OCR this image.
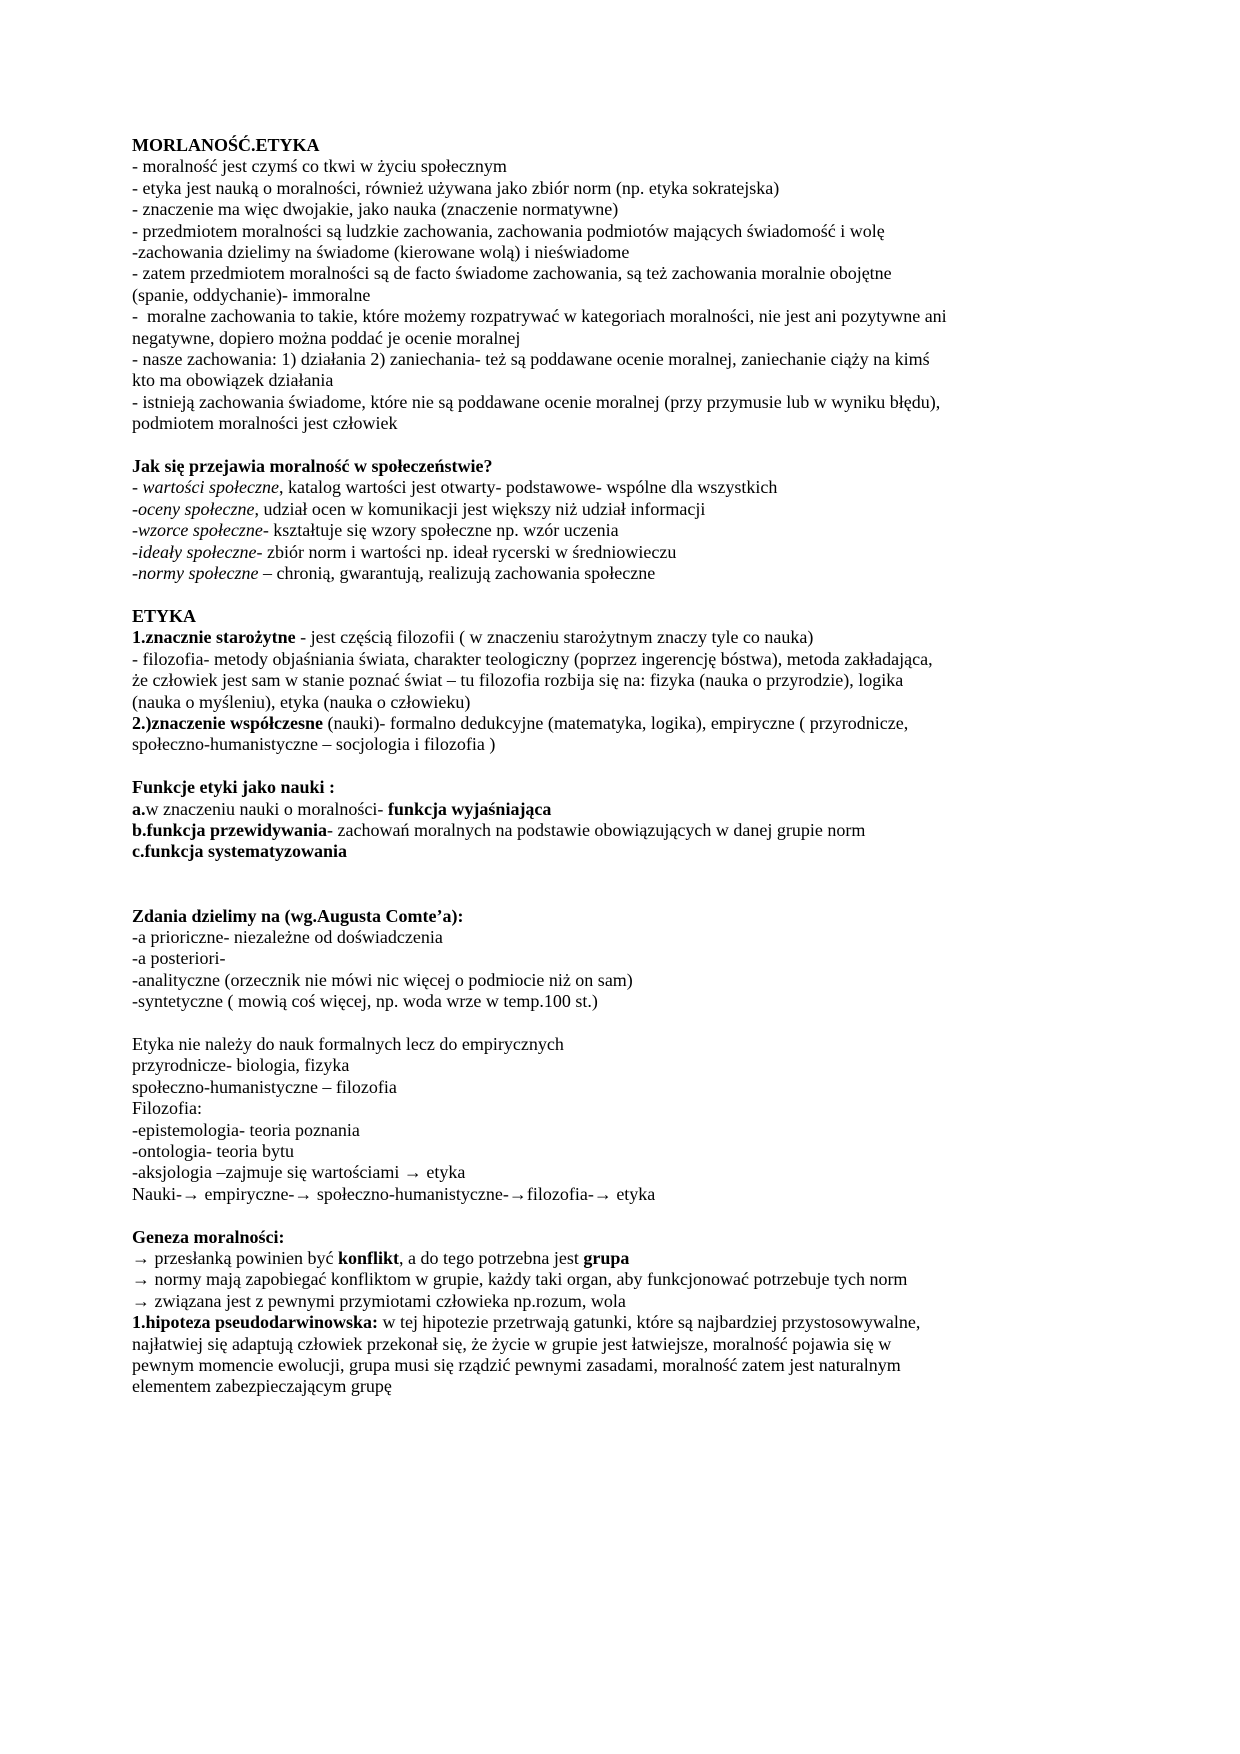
MORLANOŚĆ.ETYKA
- moralność jest czymś co tkwi w życiu społecznym
- etyka jest nauką o moralności, również używana jako zbiór norm (np. etyka sokratejska)
- znaczenie ma więc dwojakie, jako nauka (znaczenie normatywne)
- przedmiotem moralności są ludzkie zachowania, zachowania podmiotów mających świadomość i wolę
-zachowania dzielimy na świadome (kierowane wolą) i nieświadome
- zatem przedmiotem moralności są de facto świadome zachowania, są też zachowania moralnie obojętne
(spanie, oddychanie)- immoralne
-  moralne zachowania to takie, które możemy rozpatrywać w kategoriach moralności, nie jest ani pozytywne ani
negatywne, dopiero można poddać je ocenie moralnej
- nasze zachowania: 1) działania 2) zaniechania- też są poddawane ocenie moralnej, zaniechanie ciąży na kimś
kto ma obowiązek działania
- istnieją zachowania świadome, które nie są poddawane ocenie moralnej (przy przymusie lub w wyniku błędu),
podmiotem moralności jest człowiek
Jak się przejawia moralność w społeczeństwie?
- wartości społeczne, katalog wartości jest otwarty- podstawowe- wspólne dla wszystkich
-oceny społeczne, udział ocen w komunikacji jest większy niż udział informacji
-wzorce społeczne- kształtuje się wzory społeczne np. wzór uczenia
-ideały społeczne- zbiór norm i wartości np. ideał rycerski w średniowieczu
-normy społeczne – chronią, gwarantują, realizują zachowania społeczne
ETYKA
1.znacznie starożytne - jest częścią filozofii ( w znaczeniu starożytnym znaczy tyle co nauka)
- filozofia- metody objaśniania świata, charakter teologiczny (poprzez ingerencję bóstwa), metoda zakładająca,
że człowiek jest sam w stanie poznać świat – tu filozofia rozbija się na: fizyka (nauka o przyrodzie), logika
(nauka o myśleniu), etyka (nauka o człowieku)
2.)znaczenie współczesne (nauki)- formalno dedukcyjne (matematyka, logika), empiryczne ( przyrodnicze,
społeczno-humanistyczne – socjologia i filozofia )
Funkcje etyki jako nauki :
a.w znaczeniu nauki o moralności- funkcja wyjaśniająca
b.funkcja przewidywania- zachowań moralnych na podstawie obowiązujących w danej grupie norm
c.funkcja systematyzowania
Zdania dzielimy na (wg.Augusta Comte’a):
-a prioriczne- niezależne od doświadczenia
-a posteriori-
-analityczne (orzecznik nie mówi nic więcej o podmiocie niż on sam)
-syntetyczne ( mowią coś więcej, np. woda wrze w temp.100 st.)
Etyka nie należy do nauk formalnych lecz do empirycznych
przyrodnicze- biologia, fizyka
społeczno-humanistyczne – filozofia
Filozofia:
-epistemologia- teoria poznania
-ontologia- teoria bytu
-aksjologia –zajmuje się wartościami → etyka
Nauki-→ empiryczne-→ społeczno-humanistyczne-→filozofia-→ etyka
Geneza moralności:
→ przesłanką powinien być konflikt, a do tego potrzebna jest grupa
→ normy mają zapobiegać konfliktom w grupie, każdy taki organ, aby funkcjonować potrzebuje tych norm
→ związana jest z pewnymi przymiotami człowieka np.rozum, wola
1.hipoteza pseudodarwinowska: w tej hipotezie przetrwają gatunki, które są najbardziej przystosowywalne,
najłatwiej się adaptują człowiek przekonał się, że życie w grupie jest łatwiejsze, moralność pojawia się w
pewnym momencie ewolucji, grupa musi się rządzić pewnymi zasadami, moralność zatem jest naturalnym
elementem zabezpieczającym grupę
